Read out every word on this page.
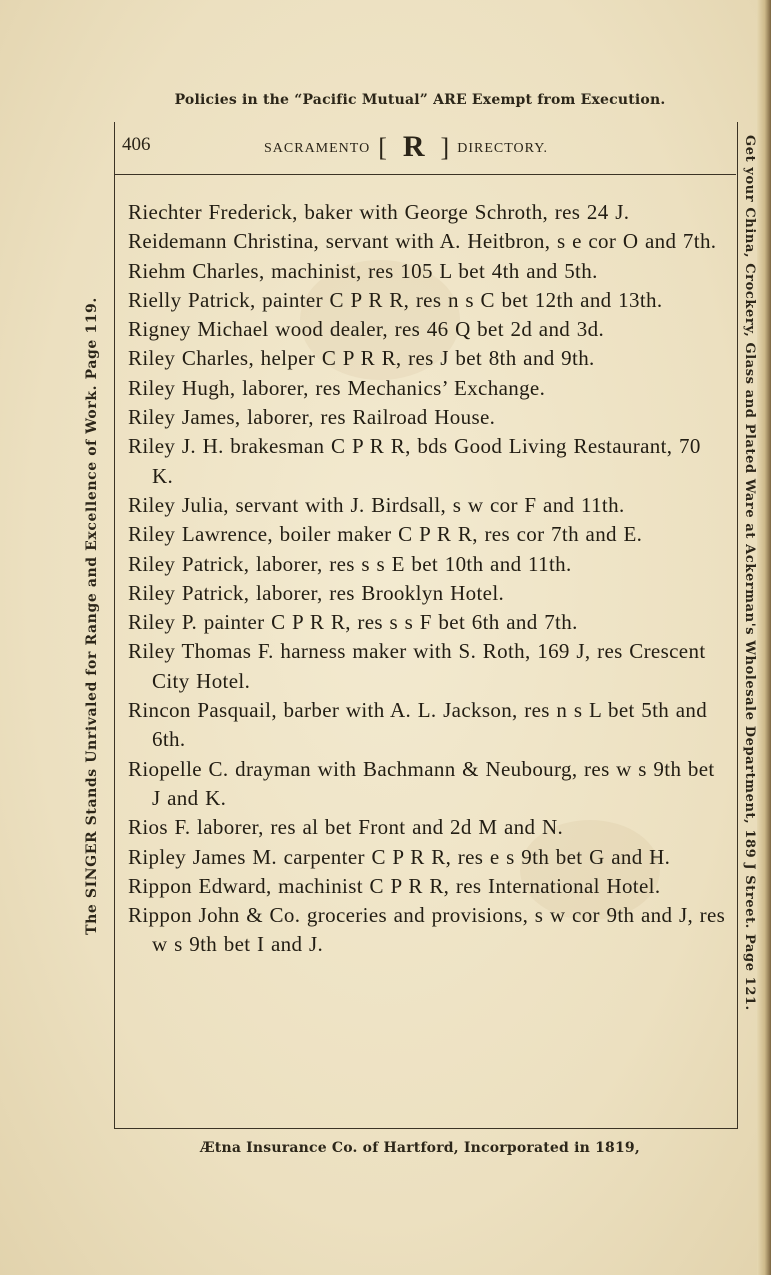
Policies in the “Pacific Mutual” ARE Exempt from Execution.
The SINGER Stands Unrivaled for Range and Excellence of Work. Page 119.	Get your China, Crockery, Glass and Plated Ware at Ackerman's Wholesale Department, 189 J Street. Page 121.
406	SACRAMENTO [ R ] DIRECTORY.

Riechter Frederick, baker with George Schroth, res 24 J.

Reidemann Christina, servant with A. Heitbron, s e cor O and 7th.

Riehm Charles, machinist, res 105 L bet 4th and 5th.

Rielly Patrick, painter C P R R, res n s C bet 12th and 13th.

Rigney Michael wood dealer, res 46 Q bet 2d and 3d.

Riley Charles, helper C P R R, res J bet 8th and 9th.

Riley Hugh, laborer, res Mechanics’ Exchange.

Riley James, laborer, res Railroad House.

Riley J. H. brakesman C P R R, bds Good Living Restaurant, 70 K.

Riley Julia, servant with J. Birdsall, s w cor F and 11th.

Riley Lawrence, boiler maker C P R R, res cor 7th and E.

Riley Patrick, laborer, res s s E bet 10th and 11th.

Riley Patrick, laborer, res Brooklyn Hotel.

Riley P. painter C P R R, res s s F bet 6th and 7th.

Riley Thomas F. harness maker with S. Roth, 169 J, res Crescent City Hotel.

Rincon Pasquail, barber with A. L. Jackson, res n s L bet 5th and 6th.

Riopelle C. drayman with Bachmann & Neubourg, res w s 9th bet J and K.

Rios F. laborer, res al bet Front and 2d M and N.

Ripley James M. carpenter C P R R, res e s 9th bet G and H.

Rippon Edward, machinist C P R R, res International Hotel.

Rippon John & Co. groceries and provisions, s w cor 9th and J, res w s 9th bet I and J.

Ætna Insurance Co. of Hartford, Incorporated in 1819,
